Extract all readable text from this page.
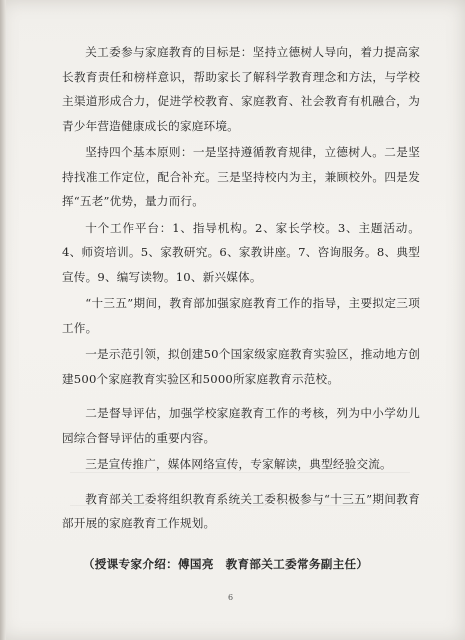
关工委参与家庭教育的目标是：坚持立德树人导向，着力提高家长教育责任和榜样意识，帮助家长了解科学教育理念和方法，与学校主渠道形成合力，促进学校教育、家庭教育、社会教育有机融合，为青少年营造健康成长的家庭环境。

坚持四个基本原则：一是坚持遵循教育规律，立德树人。二是坚持找准工作定位，配合补充。三是坚持校内为主，兼顾校外。四是发挥“五老”优势，量力而行。

十个工作平台：1、指导机构。2、家长学校。3、主题活动。4、师资培训。5、家教研究。6、家教讲座。7、咨询服务。8、典型宣传。9、编写读物。10、新兴媒体。

“十三五”期间，教育部加强家庭教育工作的指导，主要拟定三项工作。

一是示范引领，拟创建50个国家级家庭教育实验区，推动地方创建500个家庭教育实验区和5000所家庭教育示范校。

二是督导评估，加强学校家庭教育工作的考核，列为中小学幼儿园综合督导评估的重要内容。

三是宣传推广，媒体网络宣传，专家解读，典型经验交流。

教育部关工委将组织教育系统关工委积极参与“十三五”期间教育部开展的家庭教育工作规划。

（授课专家介绍：傅国亮　教育部关工委常务副主任）

6
